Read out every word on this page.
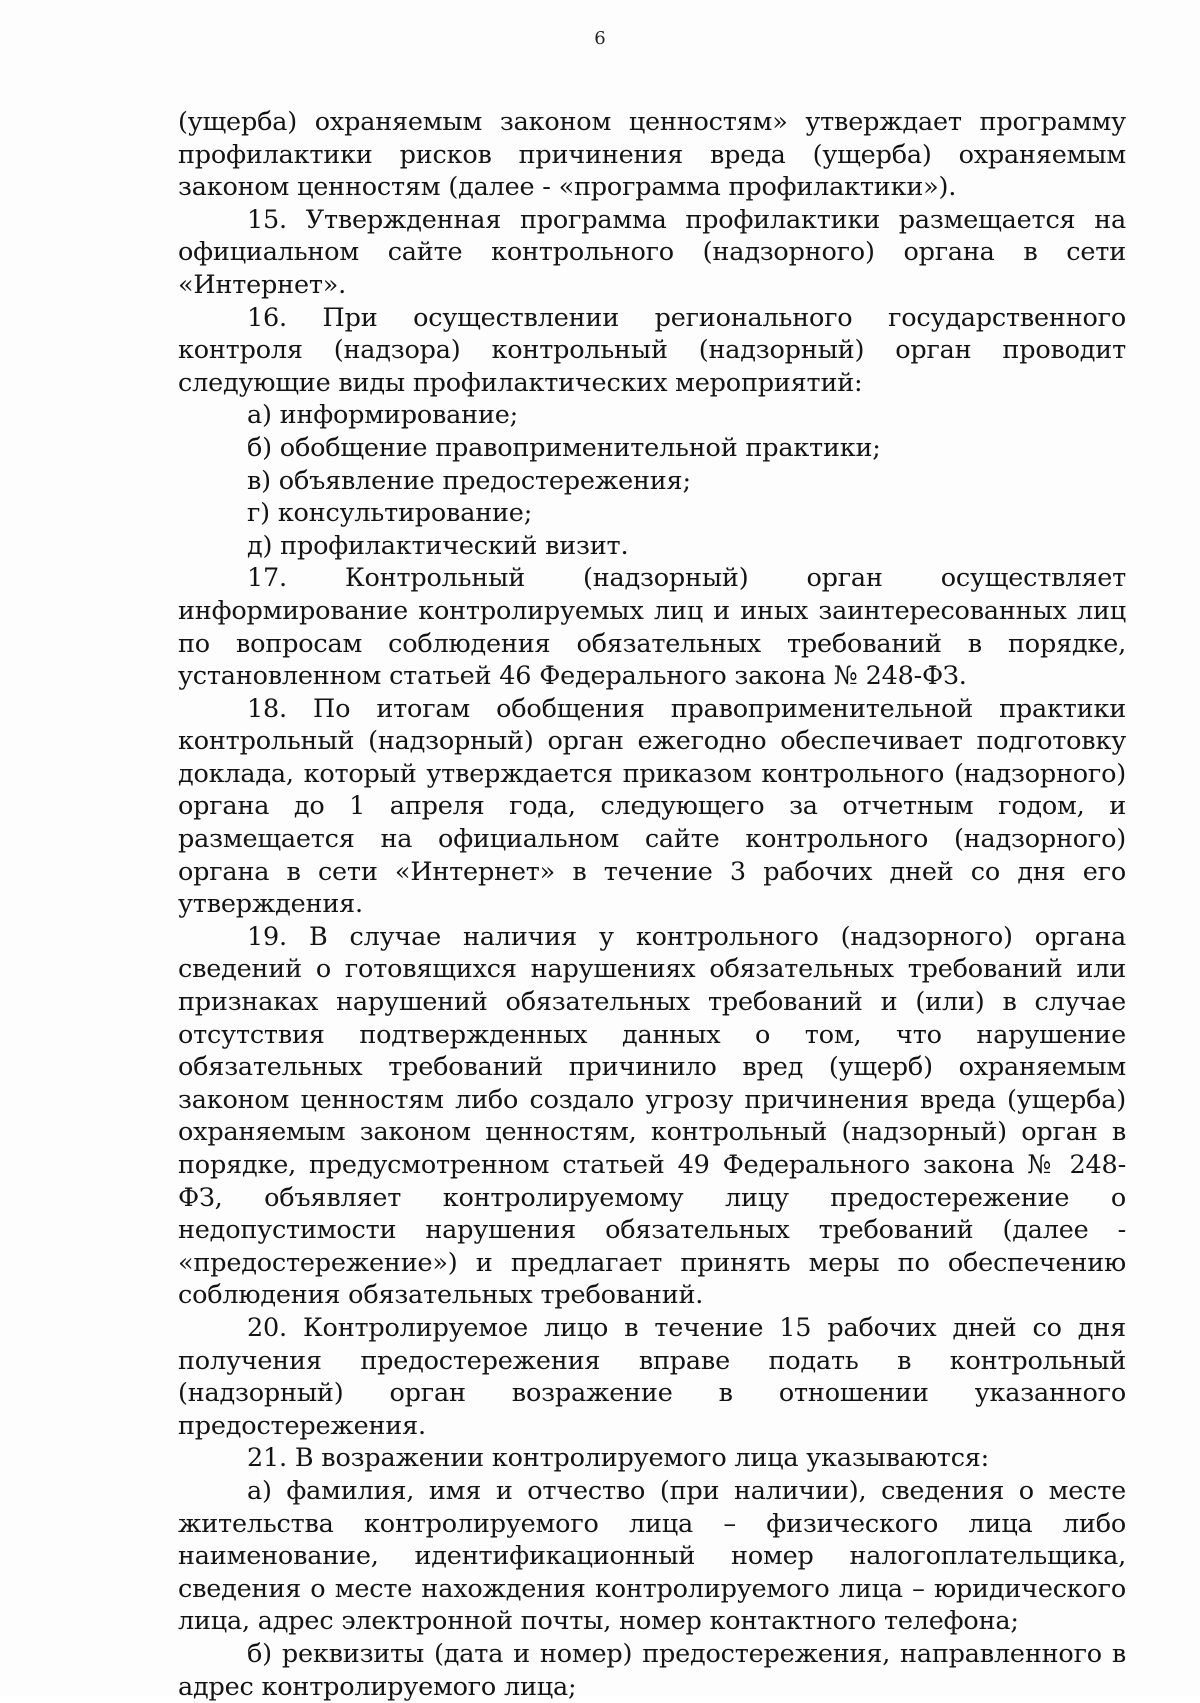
6

(ущерба) охраняемым законом ценностям» утверждает программу профилактики рисков причинения вреда (ущерба) охраняемым законом ценностям (далее - «программа профилактики»).

15. Утвержденная программа профилактики размещается на официальном сайте контрольного (надзорного) органа в сети «Интернет».

16. При осуществлении регионального государственного контроля (надзора) контрольный (надзорный) орган проводит следующие виды профилактических мероприятий:

а) информирование;

б) обобщение правоприменительной практики;

в) объявление предостережения;

г) консультирование;

д) профилактический визит.

17. Контрольный (надзорный) орган осуществляет информирование контролируемых лиц и иных заинтересованных лиц по вопросам соблюдения обязательных требований в порядке, установленном статьей 46 Федерального закона № 248-ФЗ.

18. По итогам обобщения правоприменительной практики контрольный (надзорный) орган ежегодно обеспечивает подготовку доклада, который утверждается приказом контрольного (надзорного) органа до 1 апреля года, следующего за отчетным годом, и размещается на официальном сайте контрольного (надзорного) органа в сети «Интернет» в течение 3 рабочих дней со дня его утверждения.

19. В случае наличия у контрольного (надзорного) органа сведений о готовящихся нарушениях обязательных требований или признаках нарушений обязательных требований и (или) в случае отсутствия подтвержденных данных о том, что нарушение обязательных требований причинило вред (ущерб) охраняемым законом ценностям либо создало угрозу причинения вреда (ущерба) охраняемым законом ценностям, контрольный (надзорный) орган в порядке, предусмотренном статьей 49 Федерального закона № 248-ФЗ, объявляет контролируемому лицу предостережение о недопустимости нарушения обязательных требований (далее - «предостережение») и предлагает принять меры по обеспечению соблюдения обязательных требований.

20. Контролируемое лицо в течение 15 рабочих дней со дня получения предостережения вправе подать в контрольный (надзорный) орган возражение в отношении указанного предостережения.

21. В возражении контролируемого лица указываются:

а) фамилия, имя и отчество (при наличии), сведения о месте жительства контролируемого лица – физического лица либо наименование, идентификационный номер налогоплательщика, сведения о месте нахождения контролируемого лица – юридического лица, адрес электронной почты, номер контактного телефона;

б) реквизиты (дата и номер) предостережения, направленного в адрес контролируемого лица;
